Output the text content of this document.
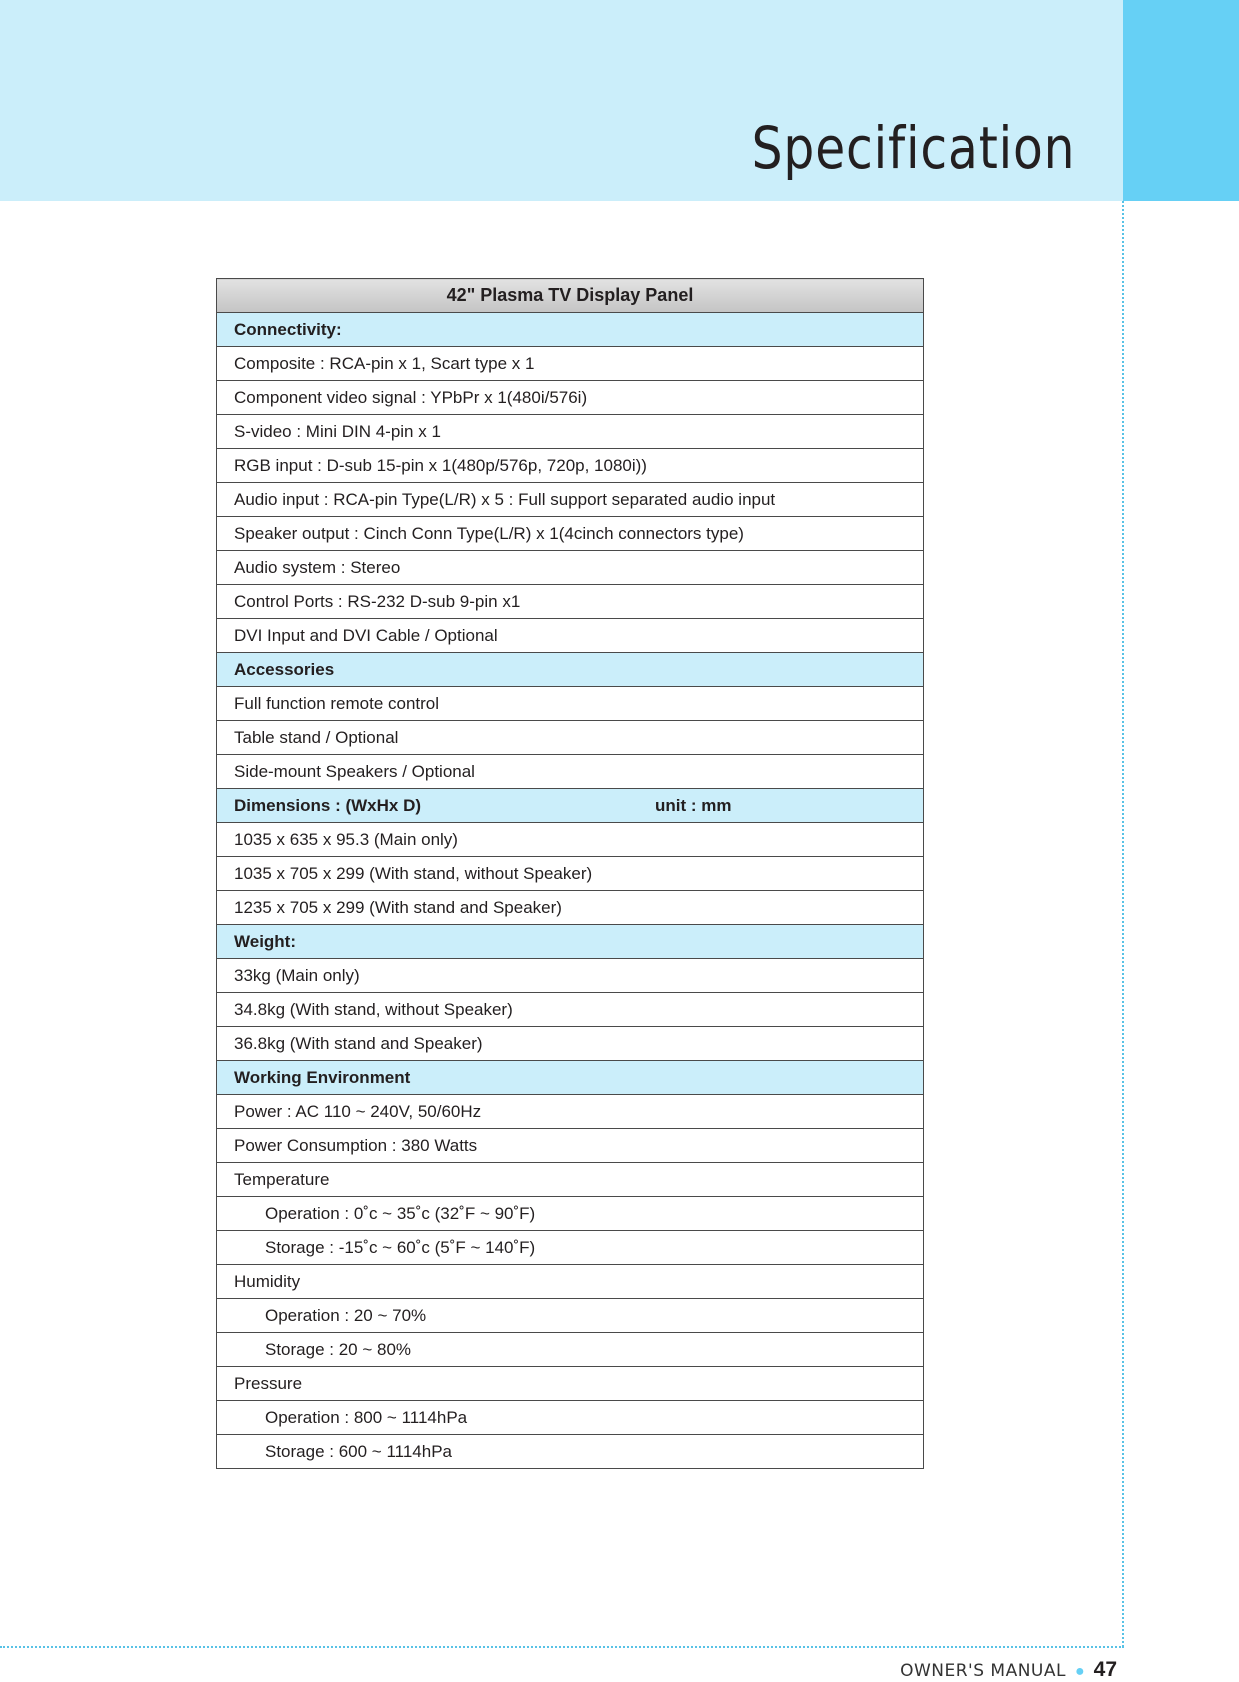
Specification
42" Plasma TV Display Panel
Connectivity:
Composite : RCA-pin x 1, Scart type x 1
Component video signal : YPbPr x 1(480i/576i)
S-video : Mini DIN 4-pin x 1
RGB input : D-sub 15-pin x 1(480p/576p, 720p, 1080i))
Audio input : RCA-pin Type(L/R) x 5 : Full support separated audio input
Speaker output : Cinch Conn Type(L/R) x 1(4cinch connectors type)
Audio system : Stereo
Control Ports : RS-232 D-sub 9-pin x1
DVI Input and DVI Cable / Optional
Accessories
Full function remote control
Table stand / Optional
Side-mount Speakers / Optional
Dimensions : (WxHx D)	unit : mm
1035 x 635 x 95.3 (Main only)
1035 x 705 x 299 (With stand, without Speaker)
1235 x 705 x 299 (With stand and Speaker)
Weight:
33kg (Main only)
34.8kg (With stand, without Speaker)
36.8kg (With stand and Speaker)
Working Environment
Power : AC 110 ~ 240V, 50/60Hz
Power Consumption : 380 Watts
Temperature
Operation : 0˚c ~ 35˚c (32˚F ~ 90˚F)
Storage : -15˚c ~ 60˚c (5˚F ~ 140˚F)
Humidity
Operation : 20 ~ 70%
Storage : 20 ~ 80%
Pressure
Operation : 800 ~ 1114hPa
Storage : 600 ~ 1114hPa
OWNER'S MANUAL ● 47
